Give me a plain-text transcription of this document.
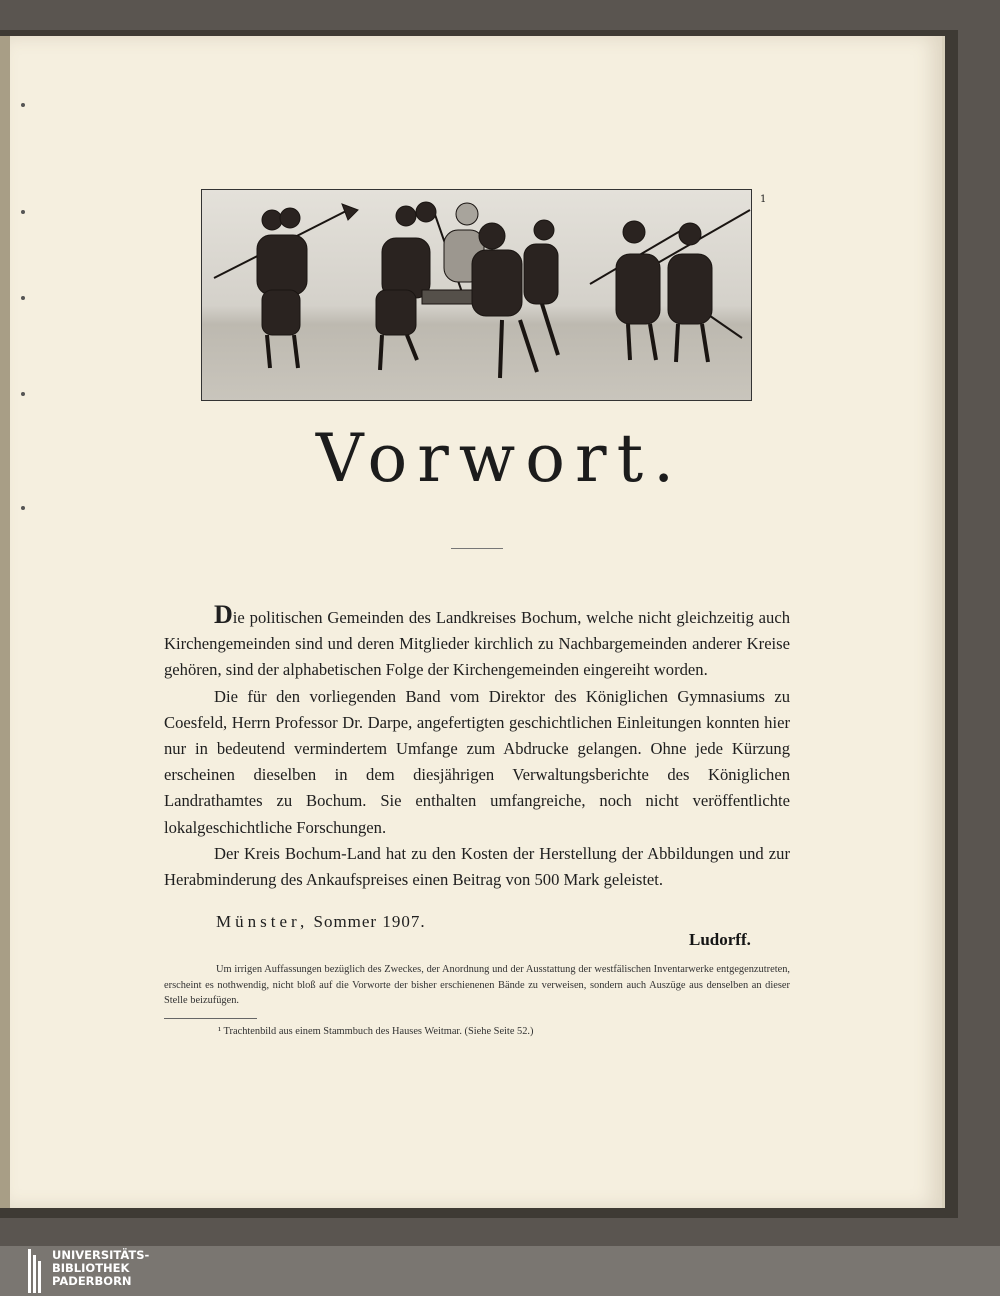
1
Vorwort.

Die politischen Gemeinden des Landkreises Bochum, welche nicht gleichzeitig auch Kirchengemeinden sind und deren Mitglieder kirchlich zu Nachbargemeinden anderer Kreise gehören, sind der alphabetischen Folge der Kirchengemeinden eingereiht worden.

Die für den vorliegenden Band vom Direktor des Königlichen Gymnasiums zu Coesfeld, Herrn Professor Dr. Darpe, angefertigten geschichtlichen Einleitungen konnten hier nur in bedeutend vermindertem Umfange zum Abdrucke gelangen. Ohne jede Kürzung erscheinen dieselben in dem diesjährigen Verwaltungsberichte des Königlichen Landrathamtes zu Bochum. Sie enthalten umfangreiche, noch nicht veröffentlichte lokalgeschichtliche Forschungen.

Der Kreis Bochum-Land hat zu den Kosten der Herstellung der Abbildungen und zur Herabminderung des Ankaufspreises einen Beitrag von 500 Mark geleistet.

Münster, Sommer 1907.
Ludorff.
Um irrigen Auffassungen bezüglich des Zweckes, der Anordnung und der Ausstattung der westfälischen Inventarwerke entgegenzutreten, erscheint es nothwendig, nicht bloß auf die Vorworte der bisher erschienenen Bände zu verweisen, sondern auch Auszüge aus denselben an dieser Stelle beizufügen.
¹ Trachtenbild aus einem Stammbuch des Hauses Weitmar. (Siehe Seite 52.)
UNIVERSITÄTS-
BIBLIOTHEK
PADERBORN
